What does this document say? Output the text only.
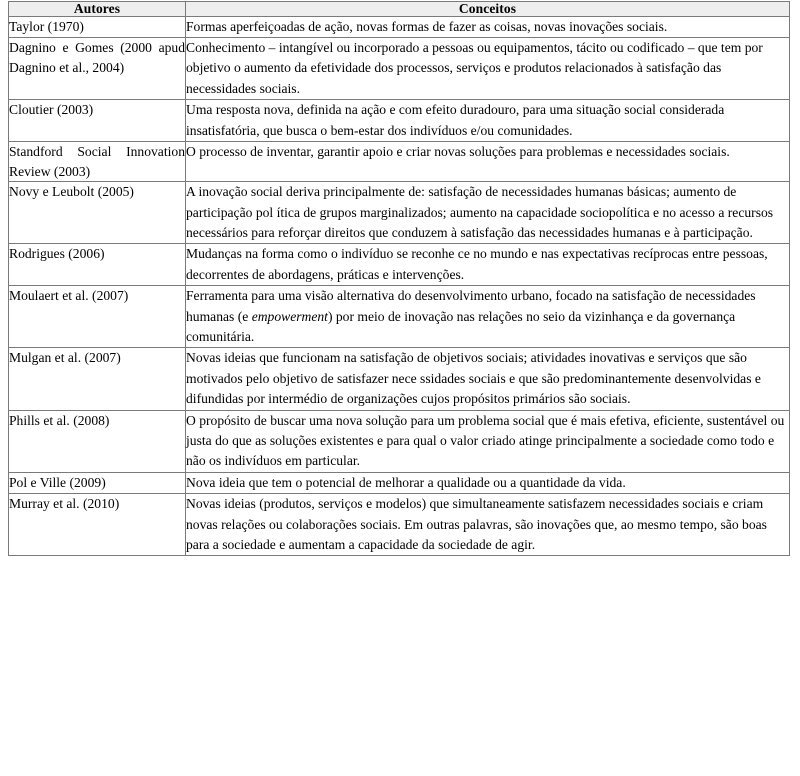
Autores	Conceitos
Taylor (1970)	Formas aperfeiçoadas de ação, novas formas de fazer as coisas, novas inovações sociais.
Dagnino e Gomes (2000 apud Dagnino et al., 2004)	Conhecimento – intangível ou incorporado a pessoas ou equipamentos, tácito ou codificado – que tem por objetivo o aumento da efetividade dos processos, serviços e produtos relacionados à satisfação das necessidades sociais.
Cloutier (2003)	Uma resposta nova, definida na ação e com efeito duradouro, para uma situação social considerada insatisfatória, que busca o bem-estar dos indivíduos e/ou comunidades.
Standford Social Innovation Review (2003)	O processo de inventar, garantir apoio e criar novas soluções para problemas e necessidades sociais.
Novy e Leubolt (2005)	A inovação social deriva principalmente de: satisfação de necessidades humanas básicas; aumento de participação pol ítica de grupos marginalizados; aumento na capacidade sociopolítica e no acesso a recursos necessários para reforçar direitos que conduzem à satisfação das necessidades humanas e à participação.
Rodrigues (2006)	Mudanças na forma como o indivíduo se reconhe ce no mundo e nas expectativas recíprocas entre pessoas, decorrentes de abordagens, práticas e intervenções.
Moulaert et al. (2007)	Ferramenta para uma visão alternativa do desenvolvimento urbano, focado na satisfação de necessidades humanas (e empowerment) por meio de inovação nas relações no seio da vizinhança e da governança comunitária.
Mulgan et al. (2007)	Novas ideias que funcionam na satisfação de objetivos sociais; atividades inovativas e serviços que são motivados pelo objetivo de satisfazer nece ssidades sociais e que são predominantemente desenvolvidas e difundidas por intermédio de organizações cujos propósitos primários são sociais.
Phills et al. (2008)	O propósito de buscar uma nova solução para um problema social que é mais efetiva, eficiente, sustentável ou justa do que as soluções existentes e para qual o valor criado atinge principalmente a sociedade como todo e não os indivíduos em particular.
Pol e Ville (2009)	Nova ideia que tem o potencial de melhorar a qualidade ou a quantidade da vida.
Murray et al. (2010)	Novas ideias (produtos, serviços e modelos) que simultaneamente satisfazem necessidades sociais e criam novas relações ou colaborações sociais. Em outras palavras, são inovações que, ao mesmo tempo, são boas para a sociedade e aumentam a capacidade da sociedade de agir.
